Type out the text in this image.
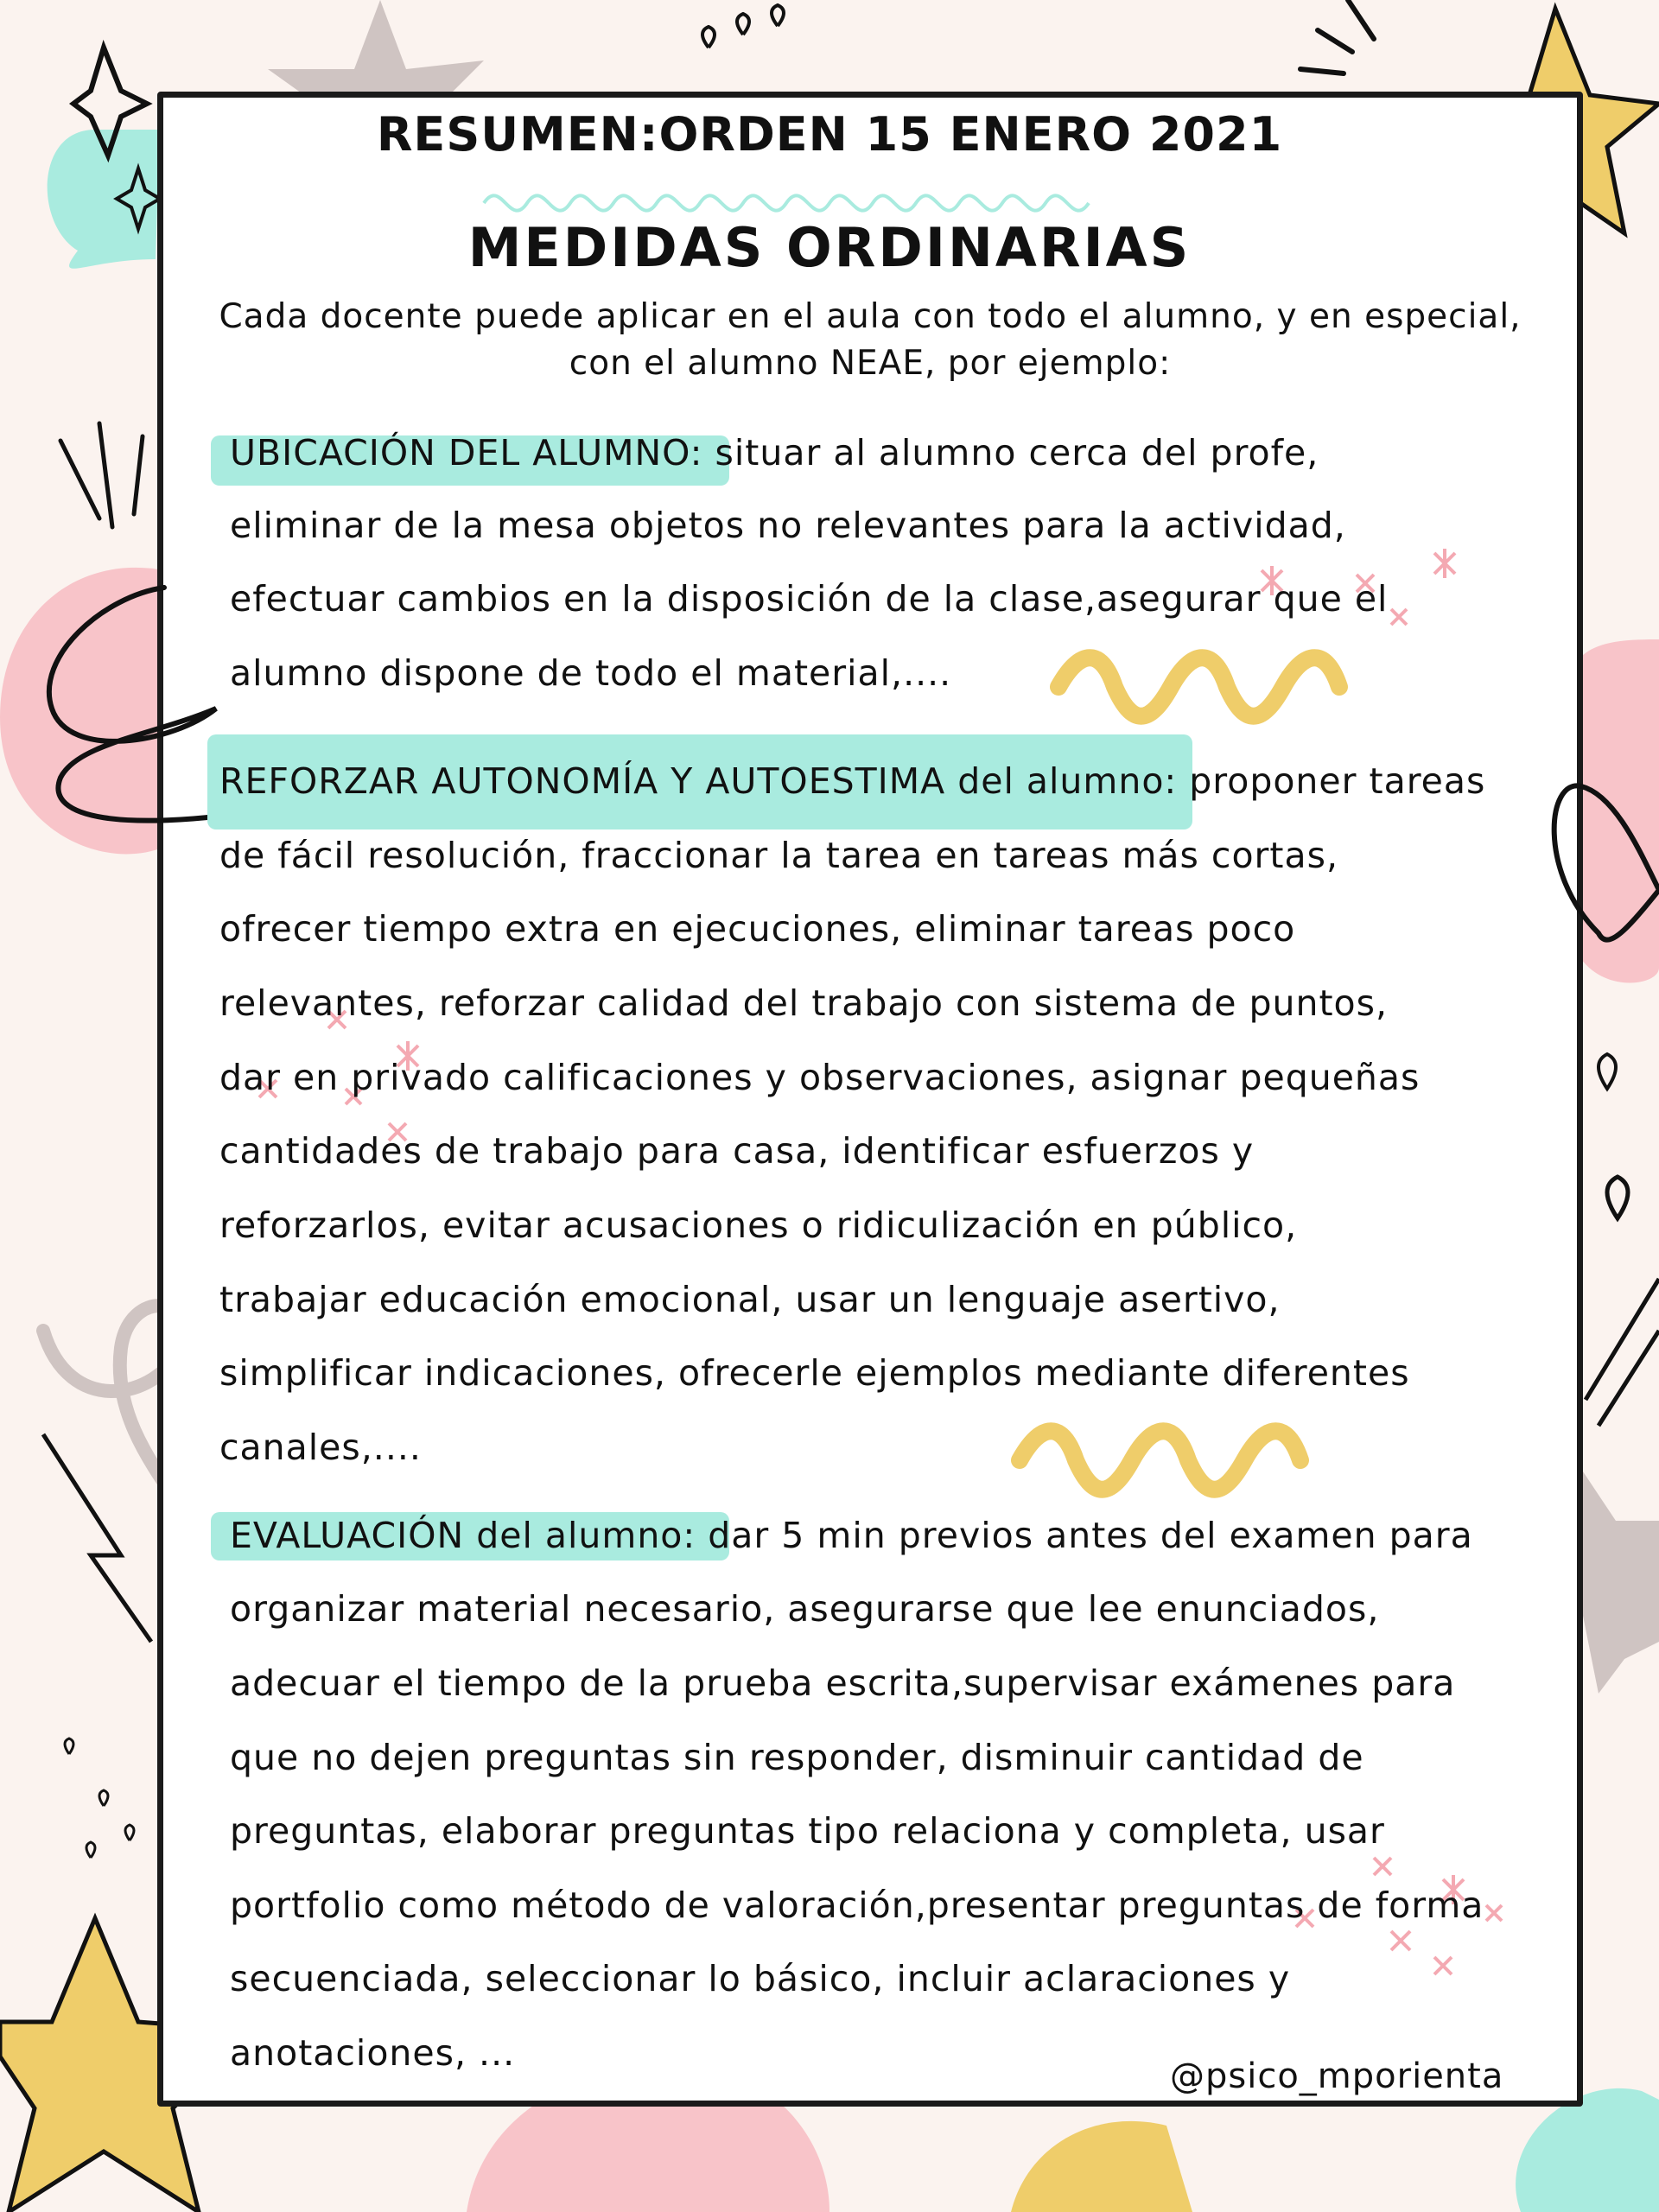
RESUMEN:ORDEN 15 ENERO 2021
MEDIDAS ORDINARIAS
Cada docente puede aplicar en el aula con todo el alumno, y en especial,
con el alumno NEAE, por ejemplo:
UBICACIÓN DEL ALUMNO: situar al alumno cerca del profe,
eliminar de la mesa objetos no relevantes para la actividad,
efectuar cambios en la disposición de la clase,asegurar que el
alumno dispone de todo el material,....
REFORZAR AUTONOMÍA Y AUTOESTIMA del alumno: proponer tareas
de fácil resolución, fraccionar la tarea en tareas más cortas,
ofrecer tiempo extra en ejecuciones, eliminar tareas poco
relevantes, reforzar calidad del trabajo con sistema de puntos,
dar en privado calificaciones y observaciones, asignar pequeñas
cantidades de trabajo para casa, identificar esfuerzos y
reforzarlos, evitar acusaciones o ridiculización en público,
trabajar educación emocional, usar un lenguaje asertivo,
simplificar indicaciones, ofrecerle ejemplos mediante diferentes
canales,....
EVALUACIÓN del alumno: dar 5 min previos antes del examen para
organizar material necesario, asegurarse que lee enunciados,
adecuar el tiempo de la prueba escrita,supervisar exámenes para
que no dejen preguntas sin responder, disminuir cantidad de
preguntas, elaborar preguntas tipo relaciona y completa, usar
portfolio como método de valoración,presentar preguntas de forma
secuenciada, seleccionar lo básico, incluir aclaraciones y
anotaciones, ...
@psico_mporienta
